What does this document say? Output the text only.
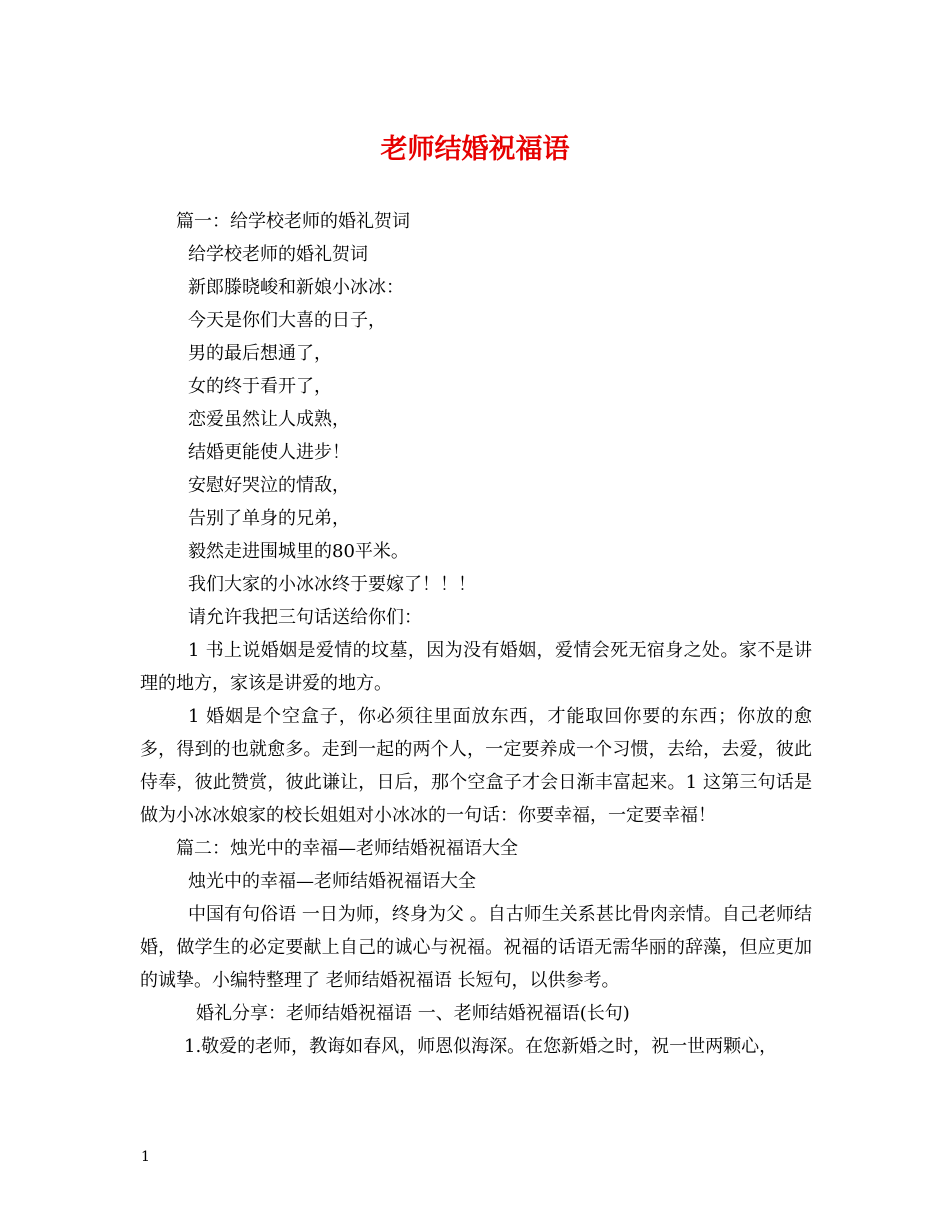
老师结婚祝福语

篇一：给学校老师的婚礼贺词

给学校老师的婚礼贺词

新郎滕晓峻和新娘小冰冰：

今天是你们大喜的日子，

男的最后想通了，

女的终于看开了，

恋爱虽然让人成熟，

结婚更能使人进步！

安慰好哭泣的情敌，

告别了单身的兄弟，

毅然走进围城里的80平米。

我们大家的小冰冰终于要嫁了！！！

请允许我把三句话送给你们：

1 书上说婚姻是爱情的坟墓，因为没有婚姻，爱情会死无宿身之处。家不是讲理的地方，家该是讲爱的地方。

1 婚姻是个空盒子，你必须往里面放东西，才能取回你要的东西；你放的愈多，得到的也就愈多。走到一起的两个人，一定要养成一个习惯，去给，去爱，彼此侍奉，彼此赞赏，彼此谦让，日后，那个空盒子才会日渐丰富起来。1 这第三句话是做为小冰冰娘家的校长姐姐对小冰冰的一句话：你要幸福，一定要幸福！

篇二：烛光中的幸福—老师结婚祝福语大全

烛光中的幸福—老师结婚祝福语大全

中国有句俗语 一日为师，终身为父 。自古师生关系甚比骨肉亲情。自己老师结婚，做学生的必定要献上自己的诚心与祝福。祝福的话语无需华丽的辞藻，但应更加的诚挚。小编特整理了 老师结婚祝福语 长短句，以供参考。

婚礼分享：老师结婚祝福语 一、老师结婚祝福语(长句)

1.敬爱的老师，教诲如春风，师恩似海深。在您新婚之时，祝一世两颗心，

1
